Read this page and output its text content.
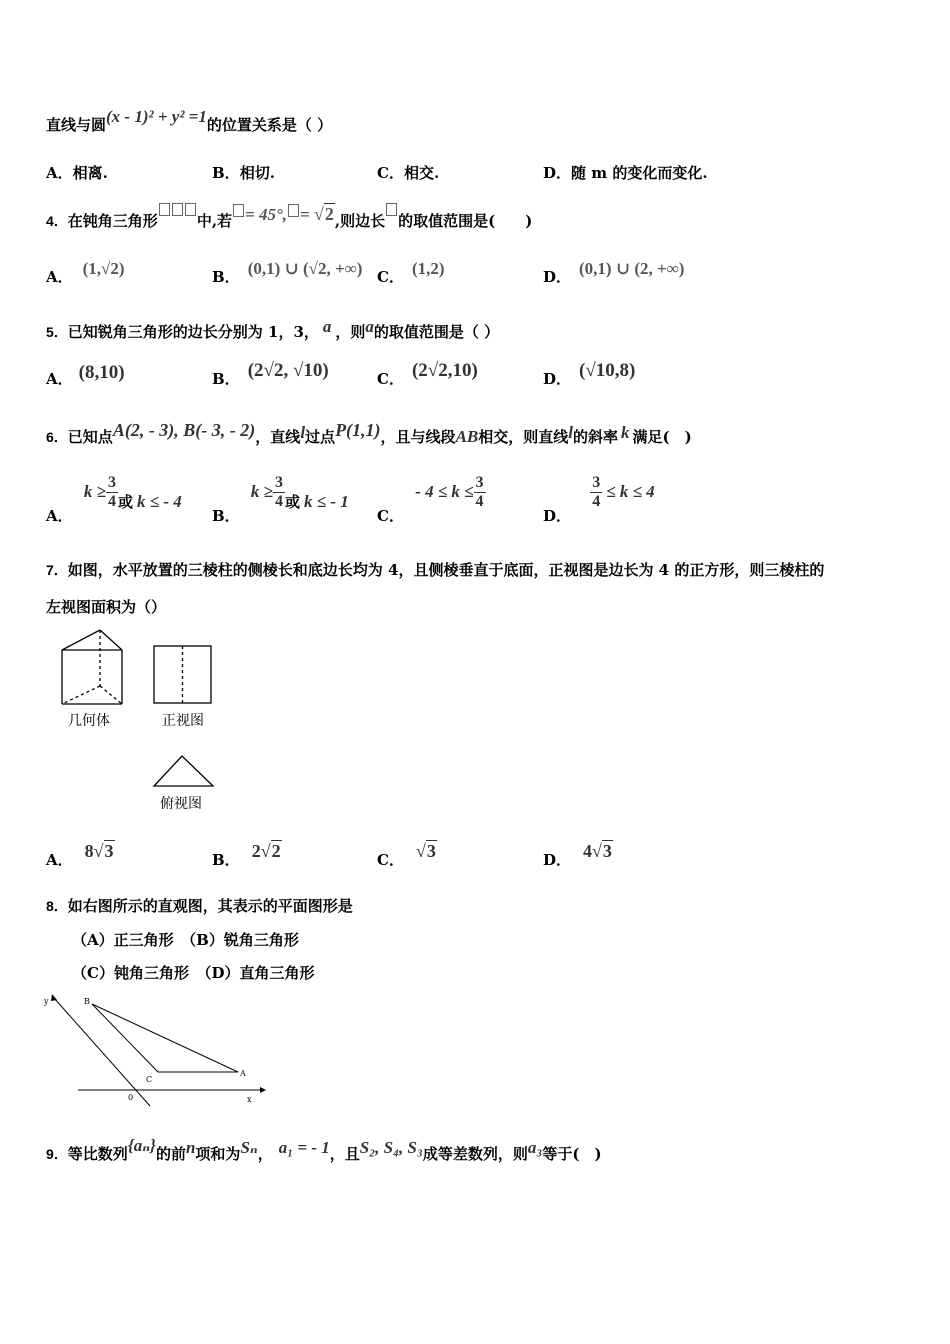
直线与圆(x - 1)² + y² =1的位置关系是（ ）
A．相离.	B．相切.	C．相交.	D．随 m 的变化而变化.
4．在钝角三角形	中,若 = 45°, = √2,则边长 的取值范围是(　　)
A． (1,√2)	B． (0,1) ∪ (√2, +∞) C． (1,2)	D． (0,1) ∪ (2, +∞)
5．已知锐角三角形的边长分别为 1，3， a ，则a的取值范围是（ ）
A． (8,10)	B． (2√2, √10)	C． (2√2,10)	D． (√10,8)
6．已知点A(2, - 3), B(- 3, - 2)，直线l过点P(1,1)，且与线段AB相交，则直线l的斜率 k 满足(　)
A． $k \ge \frac{3}{4}$ 或 k ≤ - 4
B． $k \ge \frac{3}{4}$ 或 k ≤ - 1
C． - $4 \le k \le \frac{3}{4}$
D．
$\frac{3}{4} \le k \le 4$
7．如图，水平放置的三棱柱的侧棱长和底边长均为 4，且侧棱垂直于底面，正视图是边长为 4 的正方形，则三棱柱的
左视图面积为（）
几何体	正视图
俯视图
A． 8√3	B． 2√2	C． √3	D． 4√3
8．如右图所示的直观图，其表示的平面图形是
（A）正三角形　（B）锐角三角形
（C）钝角三角形　（D）直角三角形
y
x
0
B
C
A
9．等比数列{aₙ}的前n项和为Sₙ， a₁ = - 1，且S₂, S₄, S₃成等差数列，则a₃等于(　)
